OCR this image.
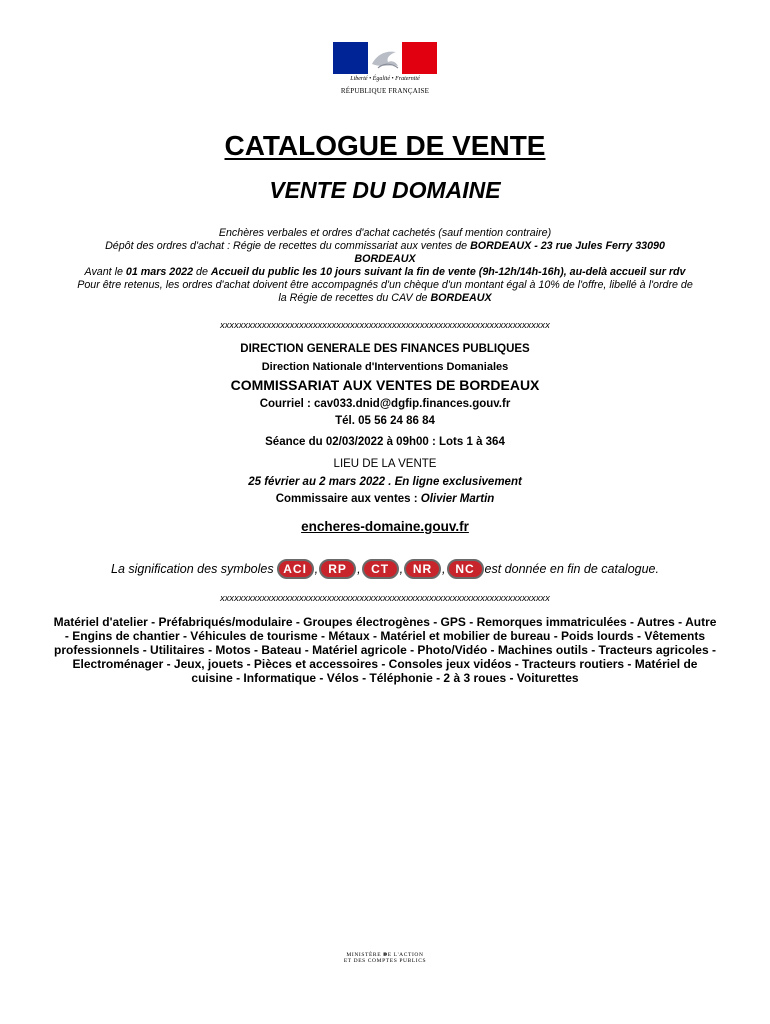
Liberté • Égalité • Fraternité
RÉPUBLIQUE FRANÇAISE
CATALOGUE DE VENTE
VENTE DU DOMAINE

Enchères verbales et ordres d'achat cachetés (sauf mention contraire)

Dépôt des ordres d'achat : Régie de recettes du commissariat aux ventes de BORDEAUX - 23 rue Jules Ferry 33090 BORDEAUX

Avant le 01 mars 2022 de Accueil du public les 10 jours suivant la fin de vente (9h-12h/14h-16h), au-delà accueil sur rdv

Pour être retenus, les ordres d'achat doivent être accompagnés d'un chèque d'un montant égal à 10% de l'offre, libellé à l'ordre de la Régie de recettes du CAV de BORDEAUX

xxxxxxxxxxxxxxxxxxxxxxxxxxxxxxxxxxxxxxxxxxxxxxxxxxxxxxxxxxxxxxxxxxxxxxx
DIRECTION GENERALE DES FINANCES PUBLIQUES
Direction Nationale d'Interventions Domaniales
COMMISSARIAT AUX VENTES DE BORDEAUX
Courriel : cav033.dnid@dgfip.finances.gouv.fr
Tél. 05 56 24 86 84
Séance du 02/03/2022 à 09h00 : Lots 1 à 364
LIEU DE LA VENTE
25 février au 2 mars 2022 . En ligne exclusivement
Commissaire aux ventes : Olivier Martin
encheres-domaine.gouv.fr
La signification des symboles ACI , RP , CT , NR , NC est donnée en fin de catalogue.
xxxxxxxxxxxxxxxxxxxxxxxxxxxxxxxxxxxxxxxxxxxxxxxxxxxxxxxxxxxxxxxxxxxxxxx
Matériel d'atelier - Préfabriqués/modulaire - Groupes électrogènes - GPS - Remorques immatriculées - Autres - Autre - Engins de chantier - Véhicules de tourisme - Métaux - Matériel et mobilier de bureau - Poids lourds - Vêtements professionnels - Utilitaires - Motos - Bateau - Matériel agricole - Photo/Vidéo - Machines outils - Tracteurs agricoles - Electroménager - Jeux, jouets - Pièces et accessoires - Consoles jeux vidéos - Tracteurs routiers - Matériel de cuisine - Informatique - Vélos - Téléphonie - 2 à 3 roues - Voiturettes
MINISTÈRE DE L'ACTION
ET DES COMPTES PUBLICS
